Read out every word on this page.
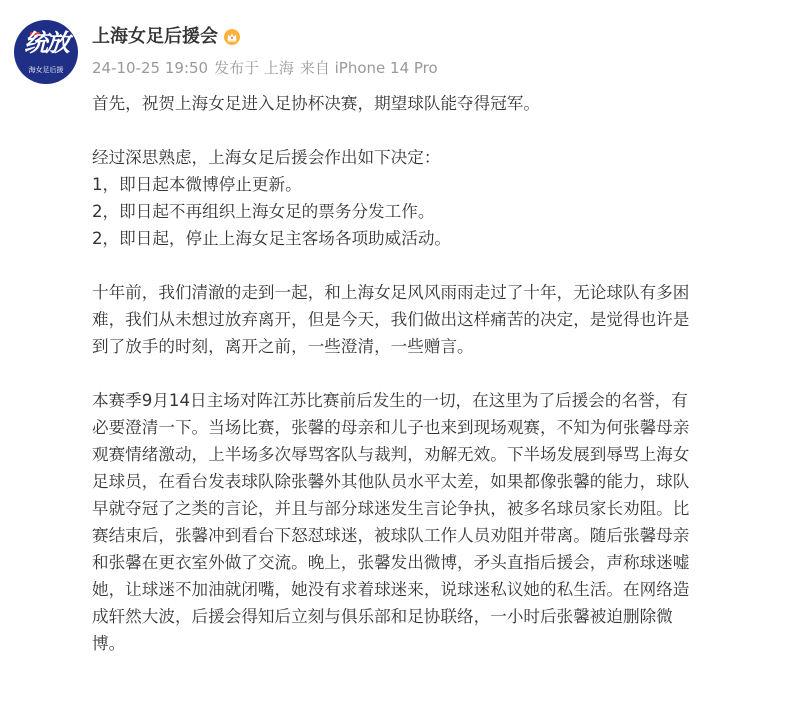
统放
海女足后援
上海女足后援会
24-10-25 19:50 发布于 上海 来自 iPhone 14 Pro

首先，祝贺上海女足进入足协杯决赛，期望球队能夺得冠军。

经过深思熟虑，上海女足后援会作出如下决定：

1，即日起本微博停止更新。

2，即日起不再组织上海女足的票务分发工作。

2，即日起，停止上海女足主客场各项助威活动。

十年前，我们清澈的走到一起，和上海女足风风雨雨走过了十年，无论球队有多困

难，我们从未想过放弃离开，但是今天，我们做出这样痛苦的决定，是觉得也许是

到了放手的时刻，离开之前，一些澄清，一些赠言。

本赛季9月14日主场对阵江苏比赛前后发生的一切，在这里为了后援会的名誉，有

必要澄清一下。当场比赛，张馨的母亲和儿子也来到现场观赛，不知为何张馨母亲

观赛情绪激动，上半场多次辱骂客队与裁判，劝解无效。下半场发展到辱骂上海女

足球员，在看台发表球队除张馨外其他队员水平太差，如果都像张馨的能力，球队

早就夺冠了之类的言论，并且与部分球迷发生言论争执，被多名球员家长劝阻。比

赛结束后，张馨冲到看台下怒怼球迷，被球队工作人员劝阻并带离。随后张馨母亲

和张馨在更衣室外做了交流。晚上，张馨发出微博，矛头直指后援会，声称球迷嘘

她，让球迷不加油就闭嘴，她没有求着球迷来，说球迷私议她的私生活。在网络造

成轩然大波，后援会得知后立刻与俱乐部和足协联络，一小时后张馨被迫删除微

博。
